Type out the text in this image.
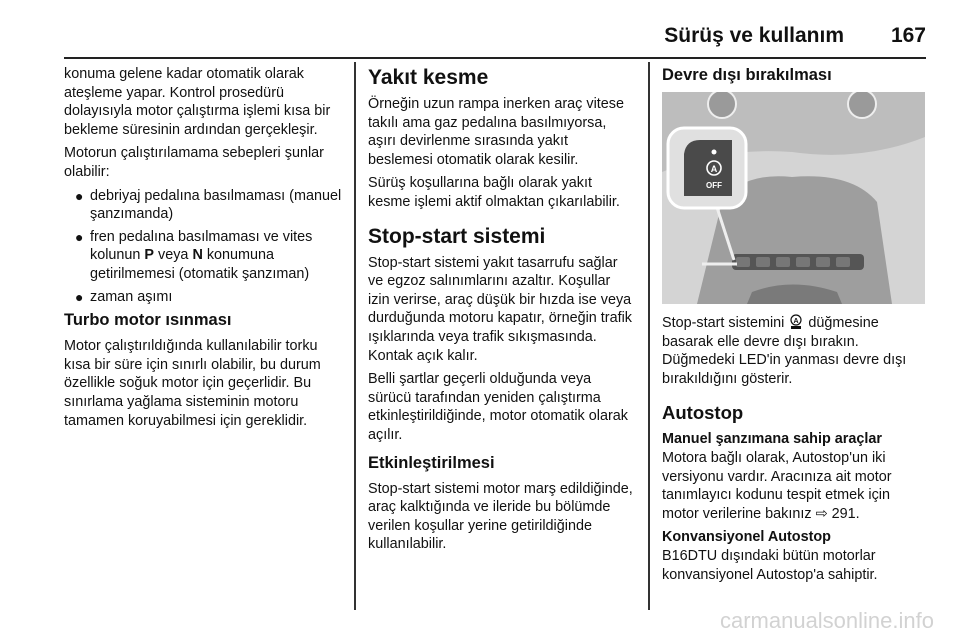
Sürüş ve kullanım 167

konuma gelene kadar otomatik olarak ateşleme yapar. Kontrol prosedürü dolayısıyla motor çalıştırma işlemi kısa bir bekleme süresinin ardından gerçekleşir.

Motorun çalıştırılamama sebepleri şunlar olabilir:

● debriyaj pedalına basılmaması (manuel şanzımanda)
● fren pedalına basılmaması ve vites kolunun P veya N konumuna getirilmemesi (otomatik şanzıman)
● zaman aşımı
Turbo motor ısınması

Motor çalıştırıldığında kullanılabilir torku kısa bir süre için sınırlı olabilir, bu durum özellikle soğuk motor için geçerlidir. Bu sınırlama yağlama sisteminin motoru tamamen koruyabilmesi için gereklidir.

Yakıt kesme

Örneğin uzun rampa inerken araç vitese takılı ama gaz pedalına basılmıyorsa, aşırı devirlenme sırasında yakıt beslemesi otomatik olarak kesilir.

Sürüş koşullarına bağlı olarak yakıt kesme işlemi aktif olmaktan çıkarılabilir.

Stop-start sistemi

Stop-start sistemi yakıt tasarrufu sağlar ve egzoz salınımlarını azaltır. Koşullar izin verirse, araç düşük bir hızda ise veya durduğunda motoru kapatır, örneğin trafik ışıklarında veya trafik sıkışmasında. Kontak açık kalır.

Belli şartlar geçerli olduğunda veya sürücü tarafından yeniden çalıştırma etkinleştirildiğinde, motor otomatik olarak açılır.

Etkinleştirilmesi

Stop-start sistemi motor marş edildiğinde, araç kalktığında ve ileride bu bölümde verilen koşullar yerine getirildiğinde kullanılabilir.

Devre dışı bırakılması
A
OFF

Stop-start sistemini A düğmesine basarak elle devre dışı bırakın. Düğmedeki LED'in yanması devre dışı bırakıldığını gösterir.

Autostop
Manuel şanzımana sahip araçlar

Motora bağlı olarak, Autostop'un iki versiyonu vardır. Aracınıza ait motor tanımlayıcı kodunu tespit etmek için motor verilerine bakınız ⇨ 291.

Konvansiyonel Autostop

B16DTU dışındaki bütün motorlar konvansiyonel Autostop'a sahiptir.

carmanualsonline.info
